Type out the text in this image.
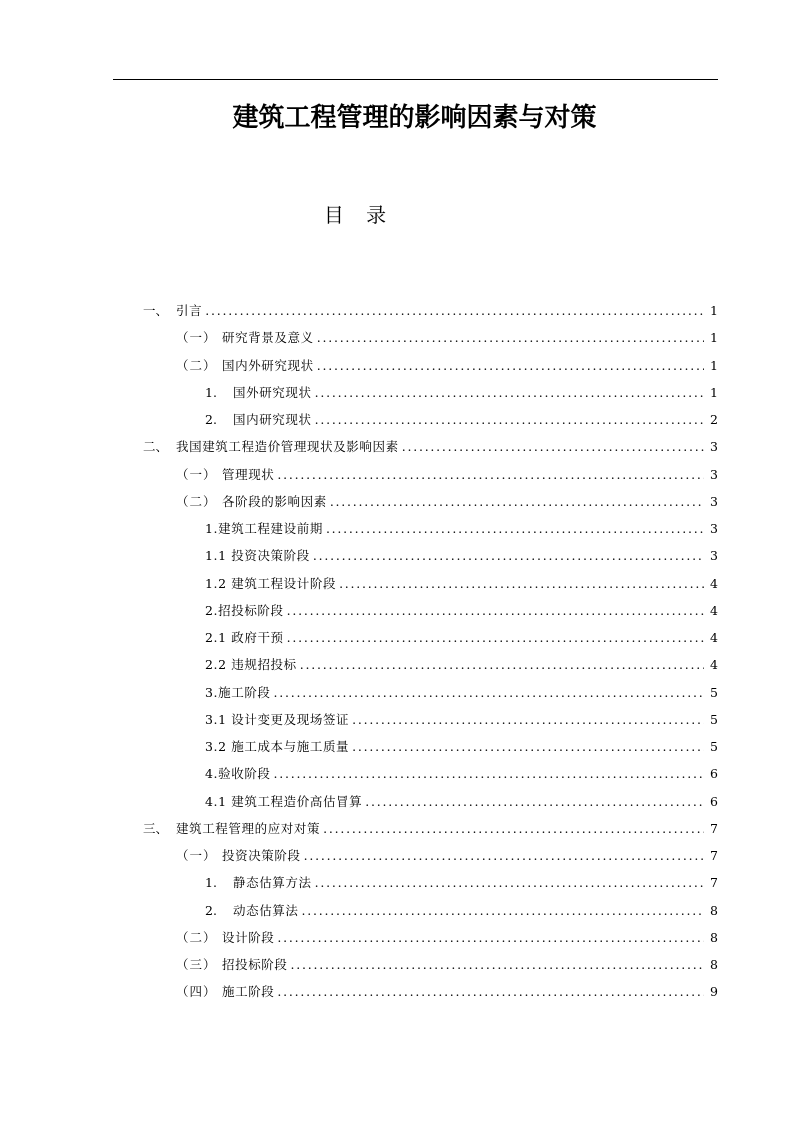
建筑工程管理的影响因素与对策
目 录
一、 引言 . . .	1
（一） 研究背景及意义 . . .	1
（二） 国内外研究现状 . . .	1
1.	国外研究现状 . . .	1
2.	国内研究现状 . . .	2
二、 我国建筑工程造价管理现状及影响因素 . . .	3
（一） 管理现状 . . .	3
（二） 各阶段的影响因素 . . .	3
1.建筑工程建设前期 . . .	3
1.1 投资决策阶段 . . .	3
1.2 建筑工程设计阶段 . . .	4
2.招投标阶段 . . .	4
2.1 政府干预 . . .	4
2.2 违规招投标 . . .	4
3.施工阶段 . . .	5
3.1 设计变更及现场签证 . . .	5
3.2 施工成本与施工质量 . . .	5
4.验收阶段 . . .	6
4.1 建筑工程造价高估冒算 . . .	6
三、 建筑工程管理的应对对策 . . .	7
（一） 投资决策阶段 . . .	7
1.	静态估算方法 . . .	7
2.	动态估算法 . . .	8
（二） 设计阶段 . . .	8
（三） 招投标阶段 . . .	8
（四） 施工阶段 . . .	9
